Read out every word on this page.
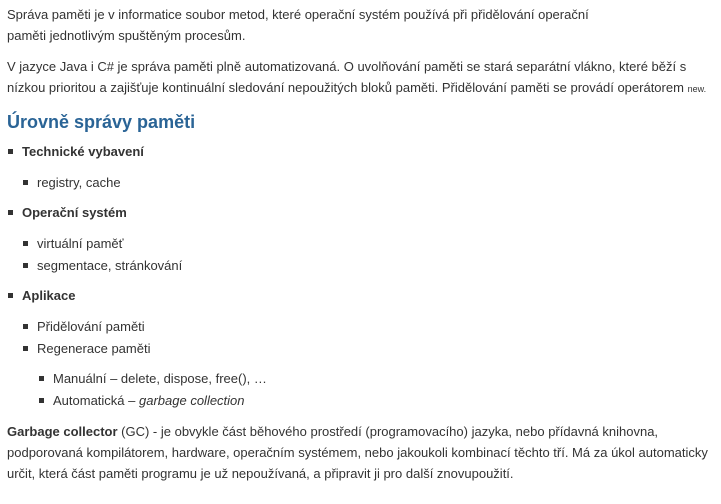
Správa paměti je v informatice soubor metod, které operační systém používá při přidělování operační paměti jednotlivým spuštěným procesům.

V jazyce Java i C# je správa paměti plně automatizovaná. O uvolňování paměti se stará separátní vlákno, které běží s nízkou prioritou a zajišťuje kontinuální sledování nepoužitých bloků paměti. Přidělování paměti se provádí operátorem new.

Úrovně správy paměti
Technické vybavení
registry, cache
Operační systém
virtuální paměť
segmentace, stránkování
Aplikace
Přidělování paměti
Regenerace paměti
Manuální – delete, dispose, free(), …
Automatická – garbage collection

Garbage collector (GC) - je obvykle část běhového prostředí (programovacího) jazyka, nebo přídavná knihovna, podporovaná kompilátorem, hardware, operačním systémem, nebo jakoukoli kombinací těchto tří. Má za úkol automaticky určit, která část paměti programu je už nepoužívaná, a připravit ji pro další znovupoužití.
